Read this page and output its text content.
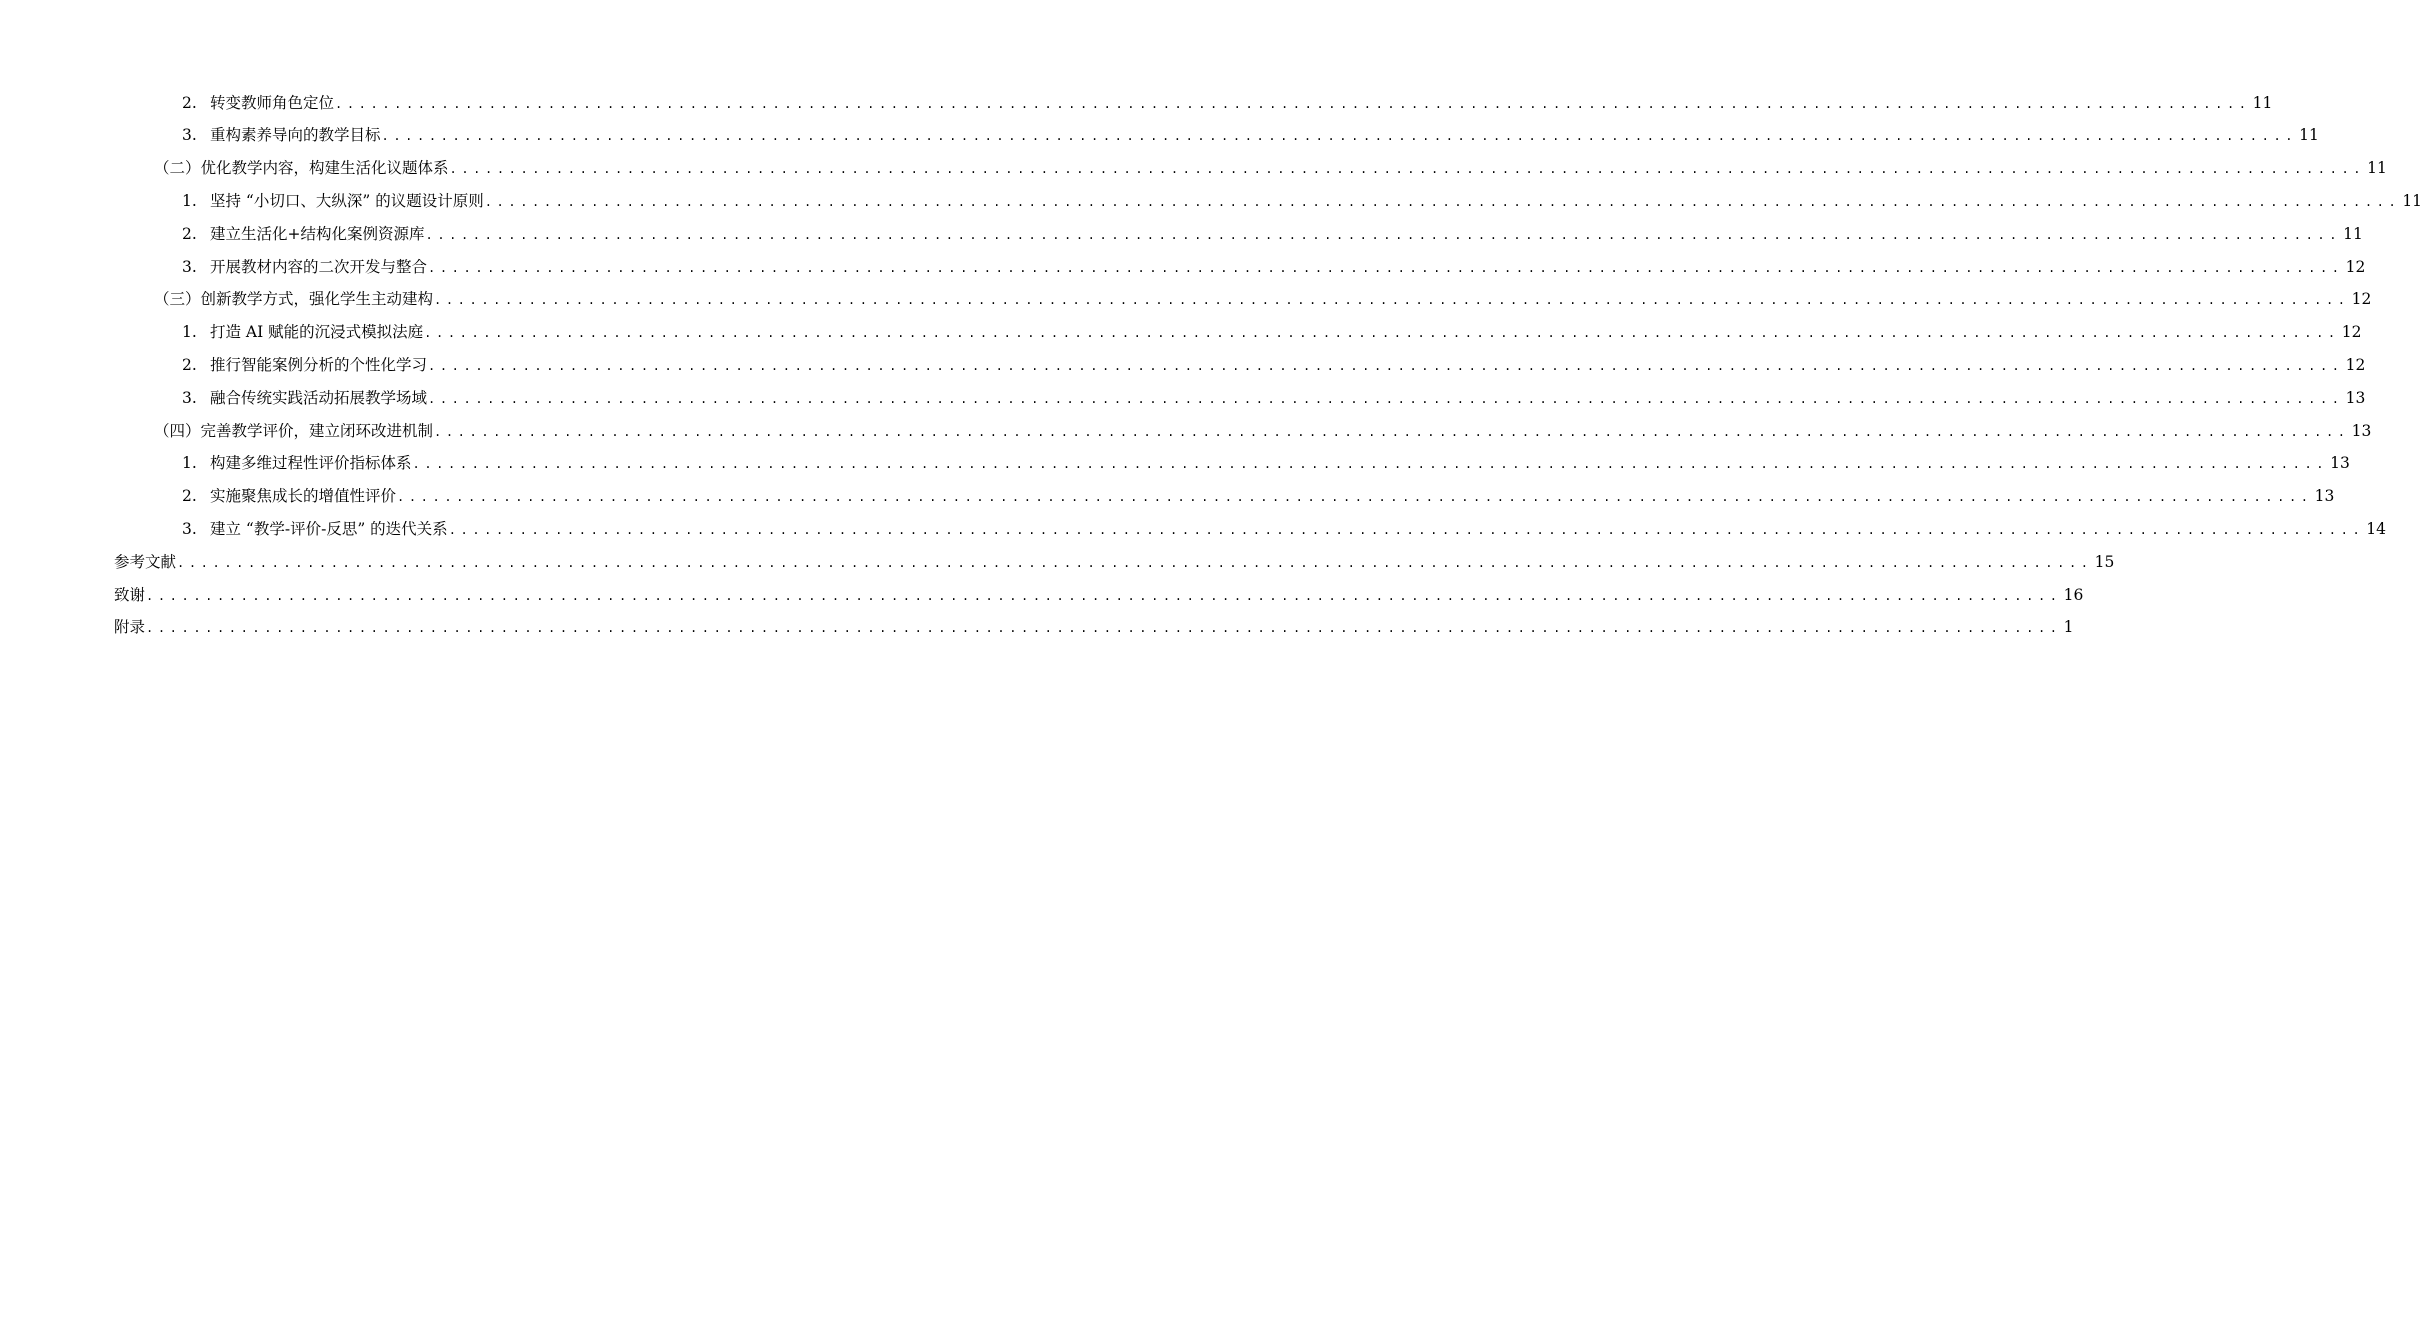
2. 转变教师角色定位 .....	11
3. 重构素养导向的教学目标 .....	11
（二）优化教学内容，构建生活化议题体系 .....	11
1. 坚持 “小切口、大纵深” 的议题设计原则 .....	11
2. 建立生活化+结构化案例资源库 .....	11
3. 开展教材内容的二次开发与整合 .....	12
（三）创新教学方式，强化学生主动建构 .....	12
1. 打造 AI 赋能的沉浸式模拟法庭 .....	12
2. 推行智能案例分析的个性化学习 .....	12
3. 融合传统实践活动拓展教学场域 .....	13
（四）完善教学评价，建立闭环改进机制 .....	13
1. 构建多维过程性评价指标体系 .....	13
2. 实施聚焦成长的增值性评价 .....	13
3. 建立 “教学-评价-反思” 的迭代关系 .....	14
参考文献 .....	15
致谢 .....	16
附录 .....	1
